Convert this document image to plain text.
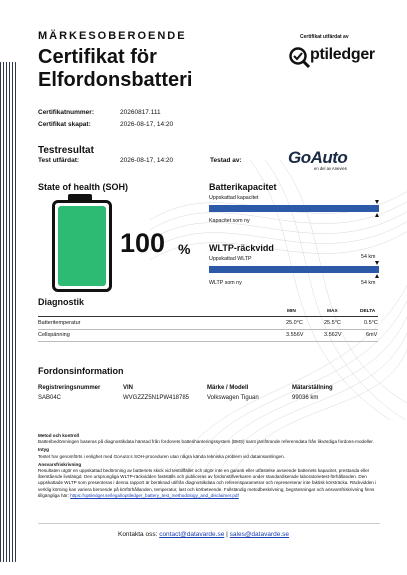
MÄRKESOBEROENDE
Certifikat för
Elfordonsbatteri
Certifikat utfärdat av
O ptiledger
Certifikatnummer:	20260817.111
Certifikat skapat:	2026-08-17, 14:20
Testresultat
Test utfärdat:	2026-08-17, 14:20	Testad av:	GoAuto
en del av Anevies
State of health (SOH)
100 %
Batterikapacitet
Uppskattad kapacitet
Kapacitet som ny
WLTP-räckvidd
Uppskattad WLTP	54 km
WLTP som ny	54 km
Diagnostik
MIN	MAX	DELTA
Batteritemperatur	25.0°C	25.5°C	0.5°C
Cellspänning	3.556V	3.562V	6mV
Fordonsinformation
Registreringsnummer
SAB04C
VIN
WVGZZZ5N1PW418785
Märke / Modell
Volkswagen Tiguan
Mätarställning
99036 km
Metod och kontroll
Batteribedömningen baseras på diagnostikdata hämtad från fordonets batterihanteringssystem (BMS) samt jämförande referensdata från likvärdiga fordons-modeller.
Intyg
Testet har genomförts i enlighet med GoAuto:s SOH-proceduren utan några kända tekniska problem vid datainsamlingen.
Ansvarsfriskrivning
Resultaten utgör en uppskattad bedömning av batteriets skick vid testtillfället och utgör inte en garanti eller utfästelse avseende batteriets kapacitet, prestanda eller återstående livslängd. Den ursprungliga WLTP-räckvidden fastställs och publiceras av fordonstillverkaren under standardiserade laboratorietest-förhållanden. Den uppskattade WLTP som presenteras i denna rapport är beräknad utifrån diagnostikdata och referensparametrar och representerar inte faktisk körsträcka. Räckvidden i verklig körning kan variera beroende på körförhållanden, temperatur, last och körbeteende. Fullständig metodbeskrivning, begränsningar och ansvarsfriskrivning finns tillgängliga här: https://optiledger.se/legal/optiledger_battery_test_methodology_and_disclaimer.pdf
Kontakta oss: contact@datavarde.se | sales@datavarde.se
